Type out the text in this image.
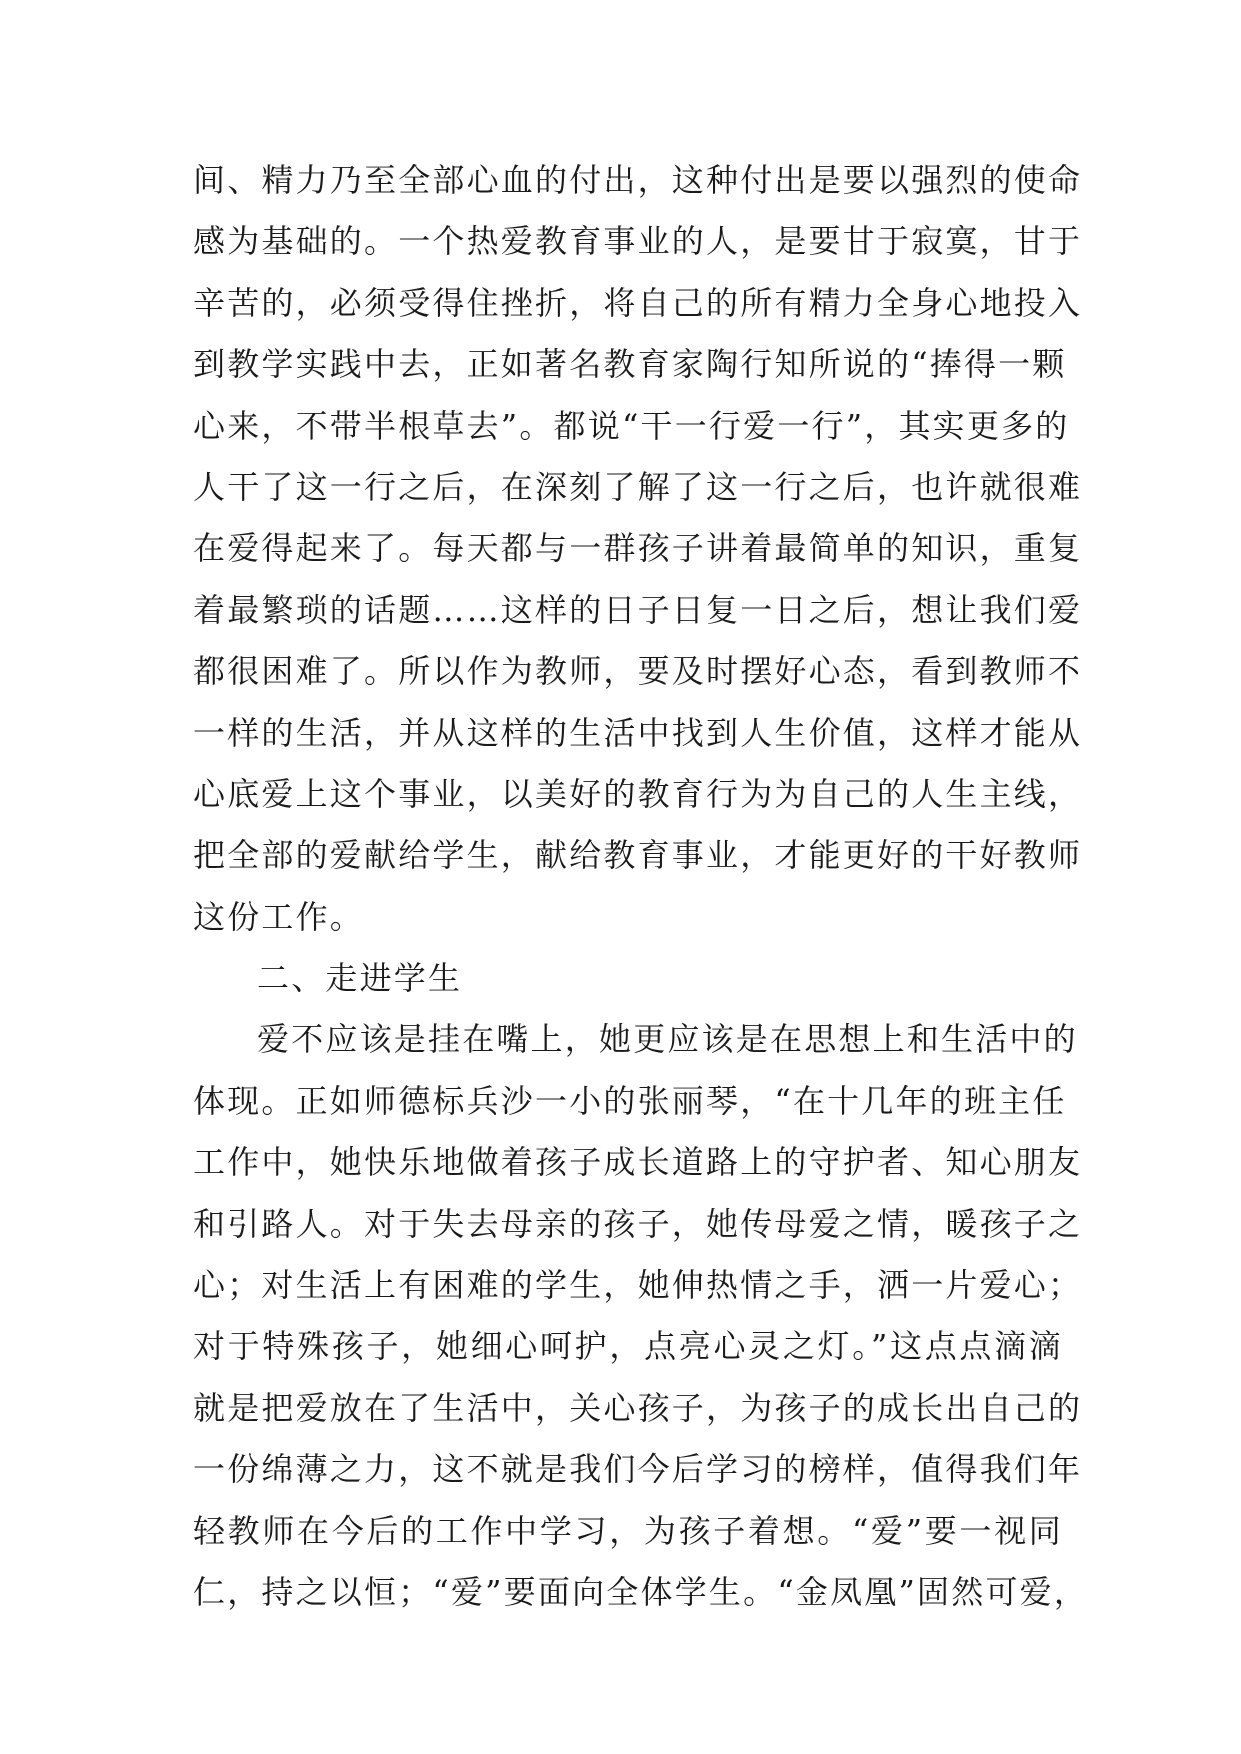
间、精力乃至全部心血的付出，这种付出是要以强烈的使命
感为基础的。一个热爱教育事业的人，是要甘于寂寞，甘于
辛苦的，必须受得住挫折，将自己的所有精力全身心地投入
到教学实践中去，正如著名教育家陶行知所说的“捧得一颗
心来，不带半根草去”。都说“干一行爱一行”，其实更多的
人干了这一行之后，在深刻了解了这一行之后，也许就很难
在爱得起来了。每天都与一群孩子讲着最简单的知识，重复
着最繁琐的话题……这样的日子日复一日之后，想让我们爱
都很困难了。所以作为教师，要及时摆好心态，看到教师不
一样的生活，并从这样的生活中找到人生价值，这样才能从
心底爱上这个事业，以美好的教育行为为自己的人生主线，
把全部的爱献给学生，献给教育事业，才能更好的干好教师
这份工作。
二、走进学生
爱不应该是挂在嘴上，她更应该是在思想上和生活中的
体现。正如师德标兵沙一小的张丽琴，“在十几年的班主任
工作中，她快乐地做着孩子成长道路上的守护者、知心朋友
和引路人。对于失去母亲的孩子，她传母爱之情，暖孩子之
心；对生活上有困难的学生，她伸热情之手，洒一片爱心；
对于特殊孩子，她细心呵护，点亮心灵之灯。”这点点滴滴
就是把爱放在了生活中，关心孩子，为孩子的成长出自己的
一份绵薄之力，这不就是我们今后学习的榜样，值得我们年
轻教师在今后的工作中学习，为孩子着想。“爱”要一视同
仁，持之以恒；“爱”要面向全体学生。“金凤凰”固然可爱，
